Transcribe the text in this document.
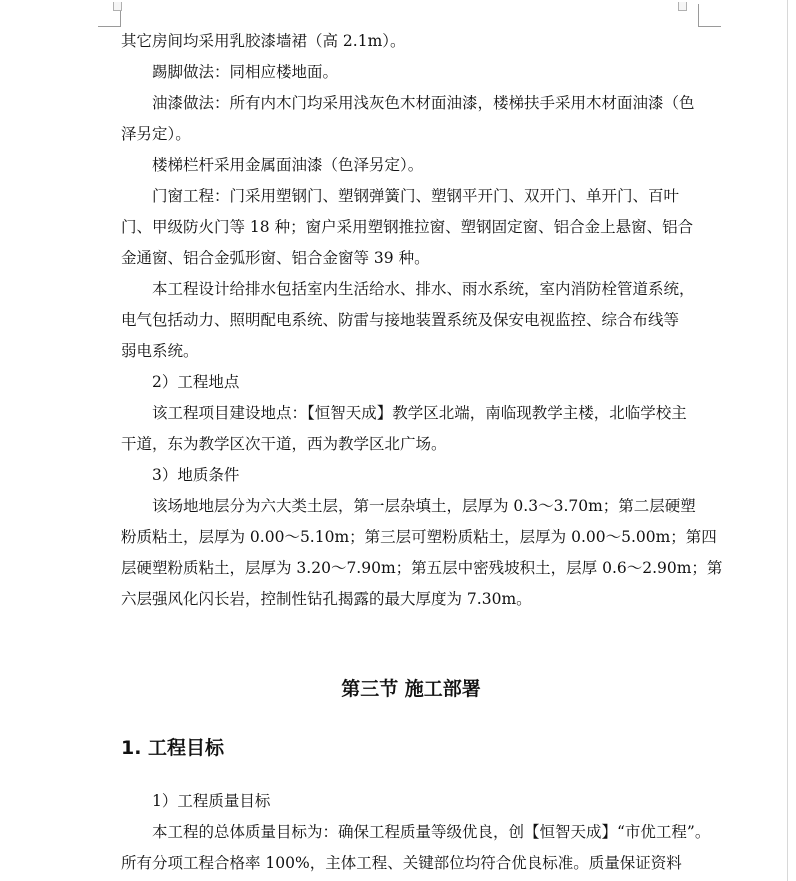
其它房间均采用乳胶漆墙裙（高 2.1m）。
踢脚做法：同相应楼地面。
油漆做法：所有内木门均采用浅灰色木材面油漆，楼梯扶手采用木材面油漆（色
泽另定）。
楼梯栏杆采用金属面油漆（色泽另定）。
门窗工程：门采用塑钢门、塑钢弹簧门、塑钢平开门、双开门、单开门、百叶
门、甲级防火门等 18 种；窗户采用塑钢推拉窗、塑钢固定窗、铝合金上悬窗、铝合
金通窗、铝合金弧形窗、铝合金窗等 39 种。
本工程设计给排水包括室内生活给水、排水、雨水系统，室内消防栓管道系统，
电气包括动力、照明配电系统、防雷与接地装置系统及保安电视监控、综合布线等
弱电系统。
2）工程地点
该工程项目建设地点：【恒智天成】教学区北端，南临现教学主楼，北临学校主
干道，东为教学区次干道，西为教学区北广场。
3）地质条件
该场地地层分为六大类土层，第一层杂填土，层厚为 0.3～3.70m；第二层硬塑
粉质粘土，层厚为 0.00～5.10m；第三层可塑粉质粘土，层厚为 0.00～5.00m；第四
层硬塑粉质粘土，层厚为 3.20～7.90m；第五层中密残坡积土，层厚 0.6～2.90m；第
六层强风化闪长岩，控制性钻孔揭露的最大厚度为 7.30m。
第三节 施工部署
1. 工程目标
1）工程质量目标
本工程的总体质量目标为：确保工程质量等级优良，创【恒智天成】“市优工程”。
所有分项工程合格率 100%，主体工程、关键部位均符合优良标准。质量保证资料
